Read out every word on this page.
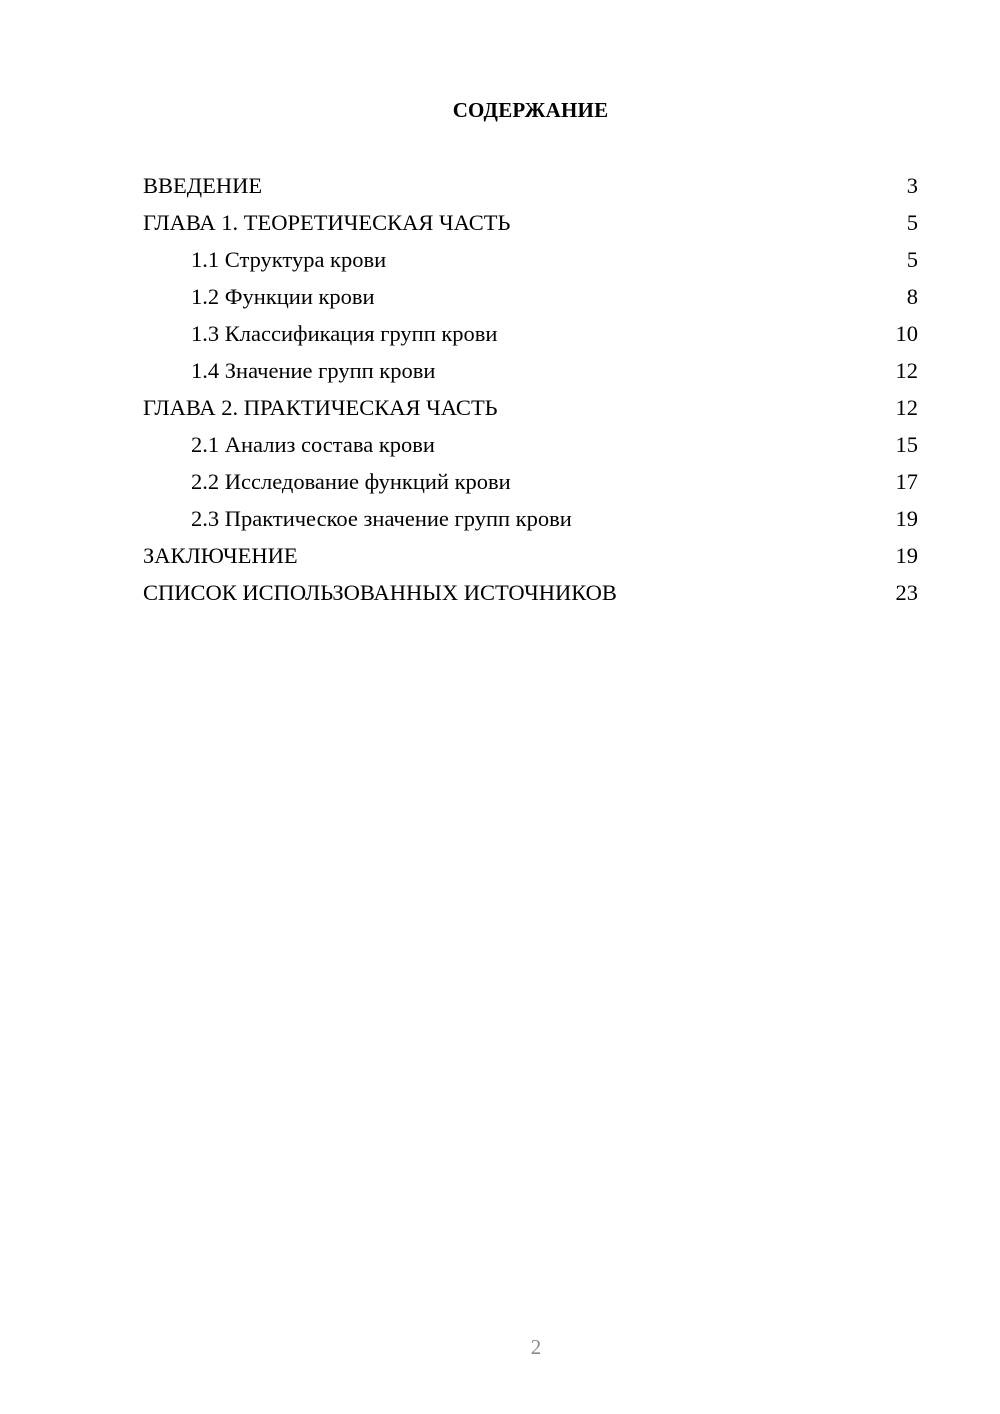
СОДЕРЖАНИЕ
ВВЕДЕНИЕ	3
ГЛАВА 1. ТЕОРЕТИЧЕСКАЯ ЧАСТЬ	5
1.1 Структура крови	5
1.2 Функции крови	8
1.3 Классификация групп крови	10
1.4 Значение групп крови	12
ГЛАВА 2. ПРАКТИЧЕСКАЯ ЧАСТЬ	12
2.1 Анализ состава крови	15
2.2 Исследование функций крови	17
2.3 Практическое значение групп крови	19
ЗАКЛЮЧЕНИЕ	19
СПИСОК ИСПОЛЬЗОВАННЫХ ИСТОЧНИКОВ	23
2
